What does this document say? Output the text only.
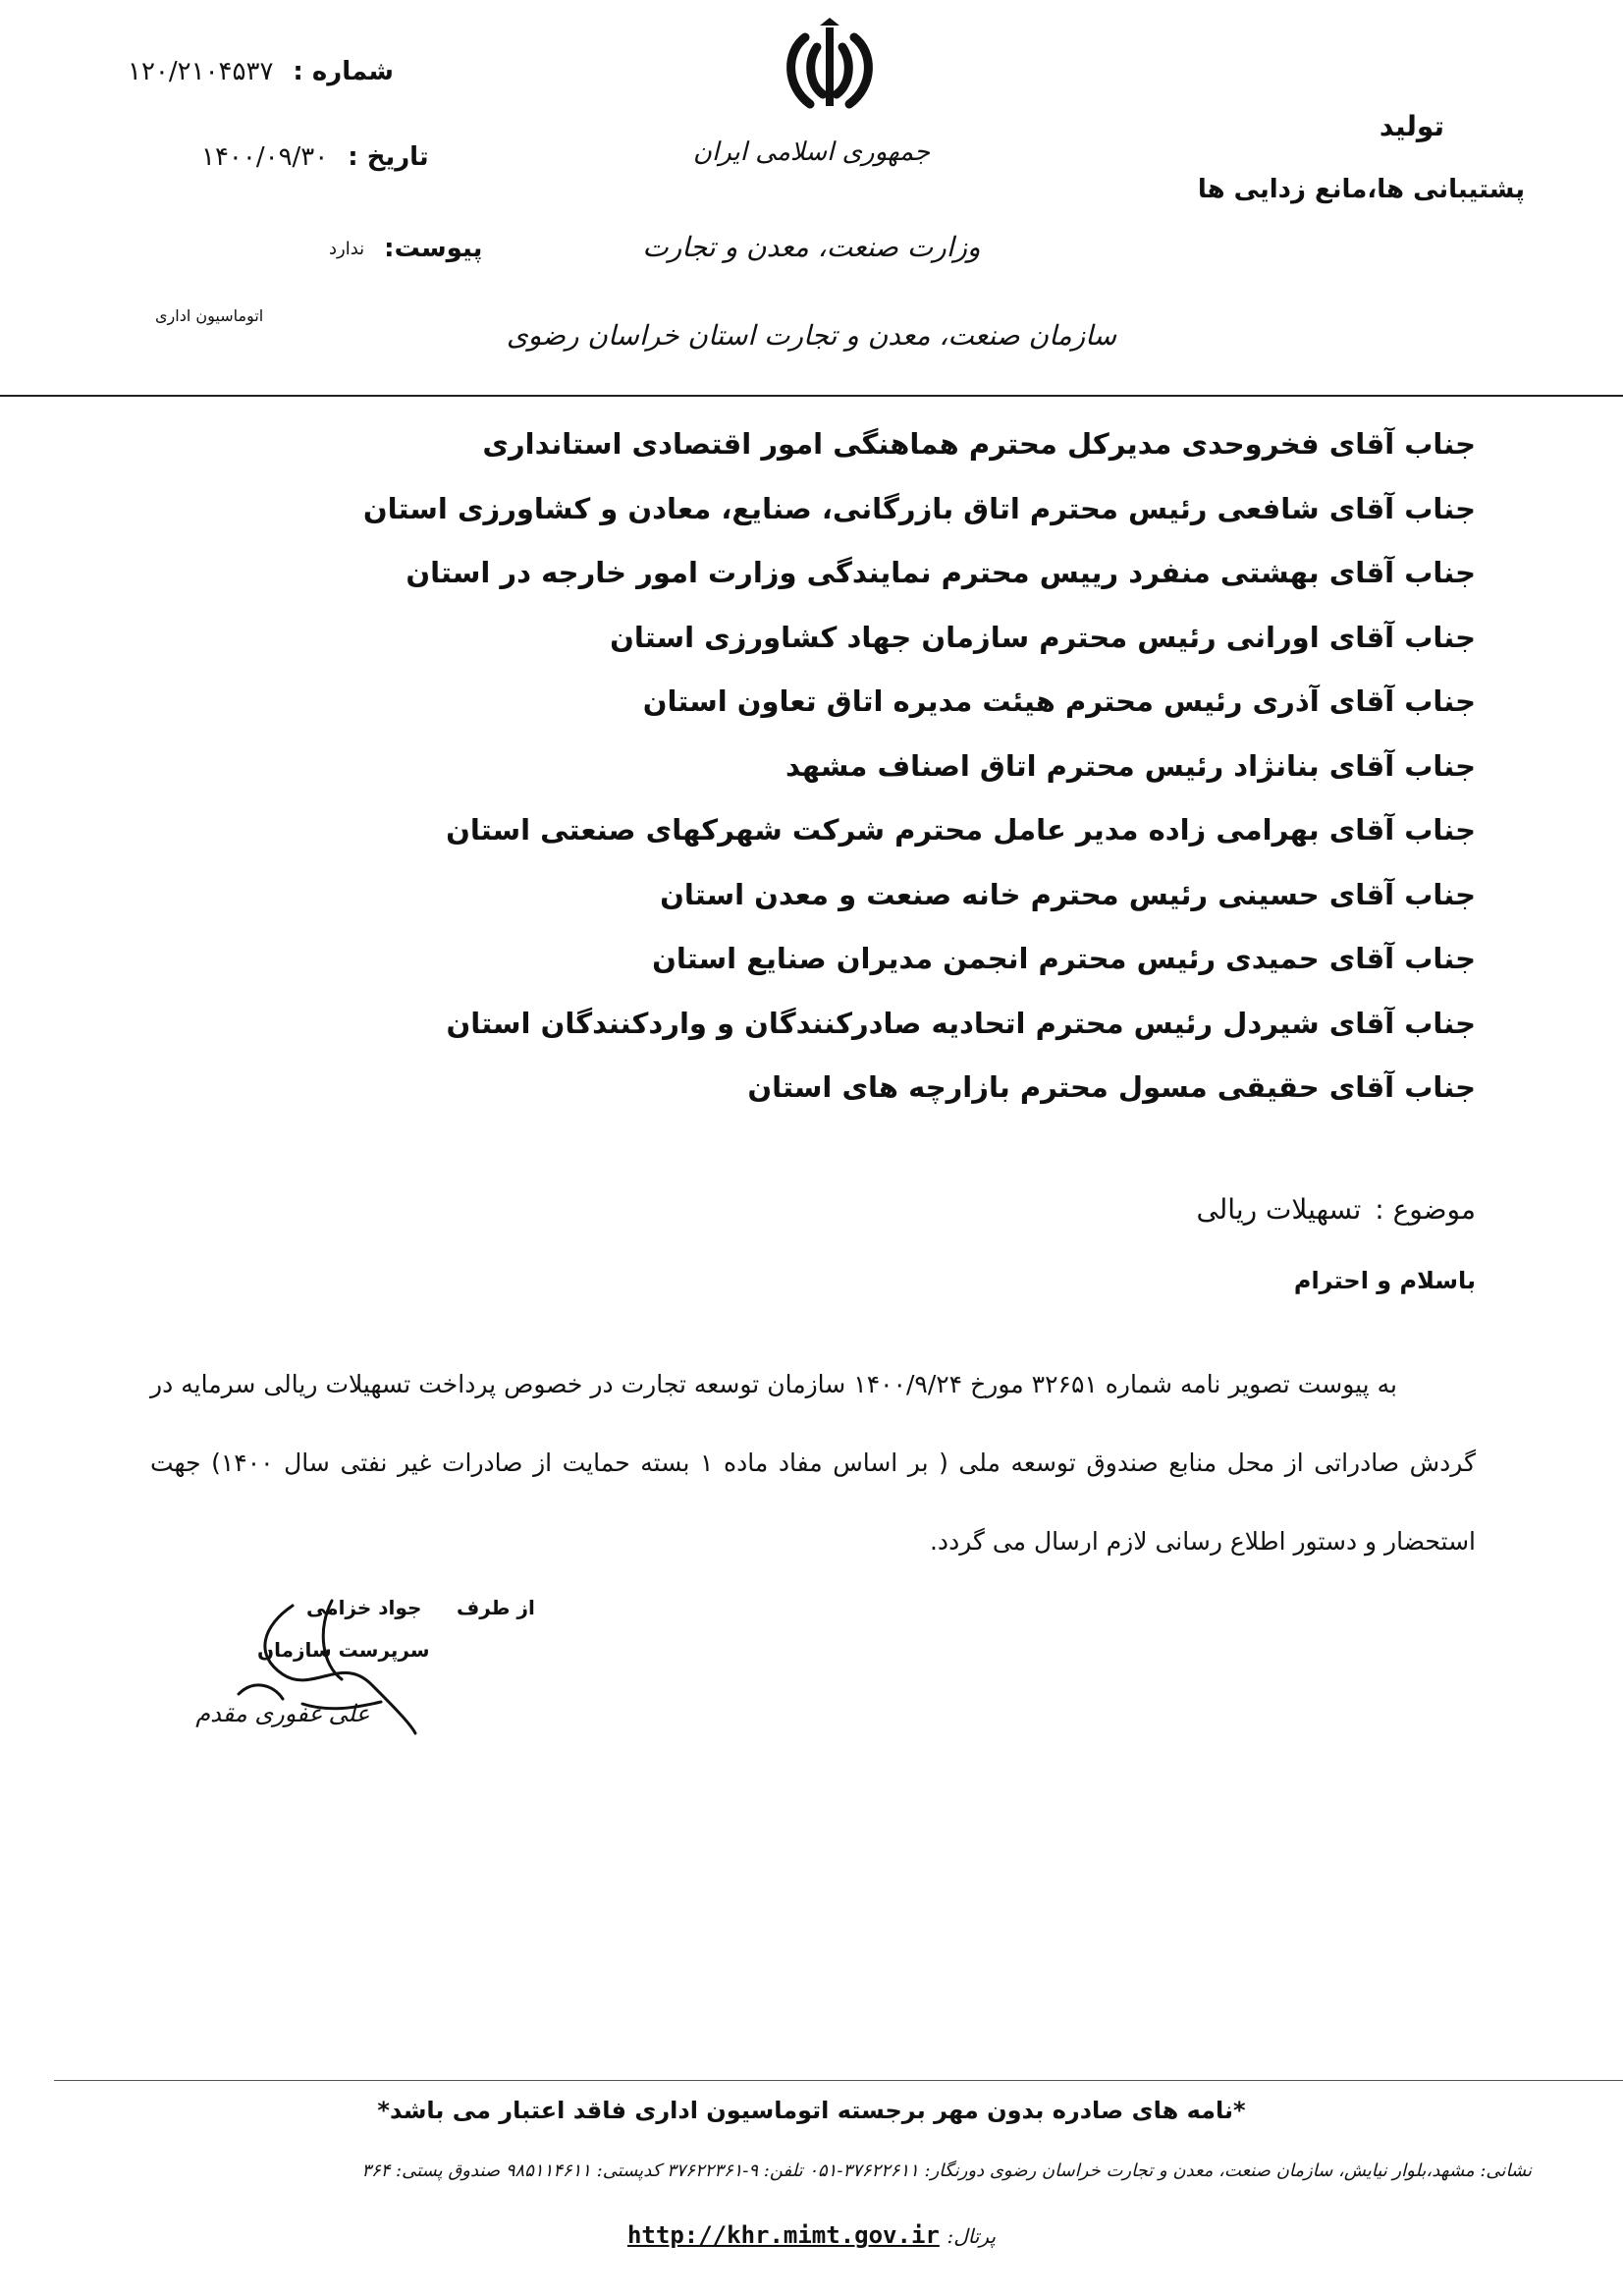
شماره :
۱۲۰/۲۱۰۴۵۳۷
تاریخ :
۱۴۰۰/۰۹/۳۰
پیوست:
ندارد
اتوماسیون اداری
جمهوری اسلامی ایران
وزارت صنعت، معدن و تجارت
سازمان صنعت، معدن و تجارت استان خراسان رضوی
تولید
پشتیبانی ها،مانع زدایی ها
جناب آقای فخروحدی مدیرکل محترم هماهنگی امور اقتصادی استانداری
جناب آقای شافعی رئیس محترم اتاق بازرگانی، صنایع، معادن و کشاورزی استان
جناب آقای بهشتی منفرد رییس محترم نمایندگی وزارت امور خارجه در استان
جناب آقای اورانی رئیس محترم سازمان جهاد کشاورزی استان
جناب آقای آذری رئیس محترم هیئت مدیره اتاق تعاون استان
جناب آقای بنانژاد رئیس محترم اتاق اصناف مشهد
جناب آقای بهرامی زاده مدیر عامل محترم شرکت شهرکهای صنعتی استان
جناب آقای حسینی رئیس محترم خانه صنعت و معدن استان
جناب آقای حمیدی رئیس محترم انجمن مدیران صنایع استان
جناب آقای شیردل رئیس محترم اتحادیه صادرکنندگان و واردکنندگان استان
جناب آقای حقیقی مسول محترم بازارچه های استان
موضوع :
تسهیلات ریالی
باسلام و احترام

به پیوست تصویر نامه شماره ۳۲۶۵۱ مورخ ۱۴۰۰/۹/۲۴ سازمان توسعه تجارت در خصوص پرداخت تسهیلات ریالی سرمایه در گردش صادراتی از محل منابع صندوق توسعه ملی ( بر اساس مفاد ماده ۱ بسته حمایت از صادرات غیر نفتی سال ۱۴۰۰) جهت استحضار و دستور اطلاع رسانی لازم ارسال می گردد.

از طرف
جواد خزامی
سرپرست سازمان
علی غفوری مقدم
*نامه های صادره بدون مهر برجسته اتوماسیون اداری فاقد اعتبار می باشد*
نشانی: مشهد،بلوار نیایش، سازمان صنعت، معدن و تجارت خراسان رضوی دورنگار: ۳۷۶۲۲۶۱۱-۰۵۱ تلفن: ۹-۳۷۶۲۲۳۶۱ کدپستی: ۹۸۵۱۱۴۶۱۱ صندوق پستی: ۳۶۴
پرتال: http://khr.mimt.gov.ir
